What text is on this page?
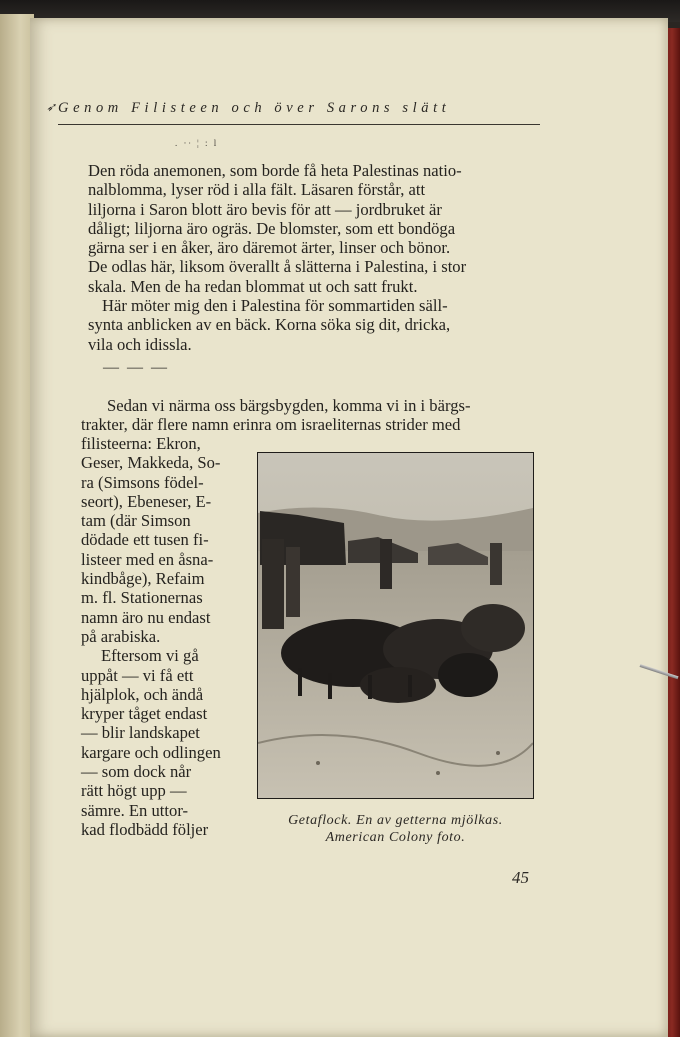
➶ Genom Filisteen och över Sarons slätt
. ·∙ ¦ : l
Den röda anemonen, som borde få heta Palestinas natio-
nalblomma, lyser röd i alla fält. Läsaren förstår, att
liljorna i Saron blott äro bevis för att — jordbruket är
dåligt; liljorna äro ogräs. De blomster, som ett bondöga
gärna ser i en åker, äro däremot ärter, linser och bönor.
De odlas här, liksom överallt å slätterna i Palestina, i stor
skala. Men de ha redan blommat ut och satt frukt.
Här möter mig den i Palestina för sommartiden säll-
synta anblicken av en bäck. Korna söka sig dit, dricka,
vila och idissla.
— — —
Sedan vi närma oss bärgsbygden, komma vi in i bärgs-
trakter, där flere namn erinra om israeliternas strider med
filisteerna: Ekron,
Geser, Makkeda, So-
ra (Simsons födel-
seort), Ebeneser, E-
tam (där Simson
dödade ett tusen fi-
listeer med en åsna-
kindbåge), Refaim
m. fl. Stationernas
namn äro nu endast
på arabiska.
Eftersom vi gå
uppåt — vi få ett
hjälplok, och ändå
kryper tåget endast
— blir landskapet
kargare och odlingen
— som dock når
rätt högt upp —
sämre. En uttor-
kad flodbädd följer	Getaflock. En av getterna mjölkas.
American Colony foto.
45
